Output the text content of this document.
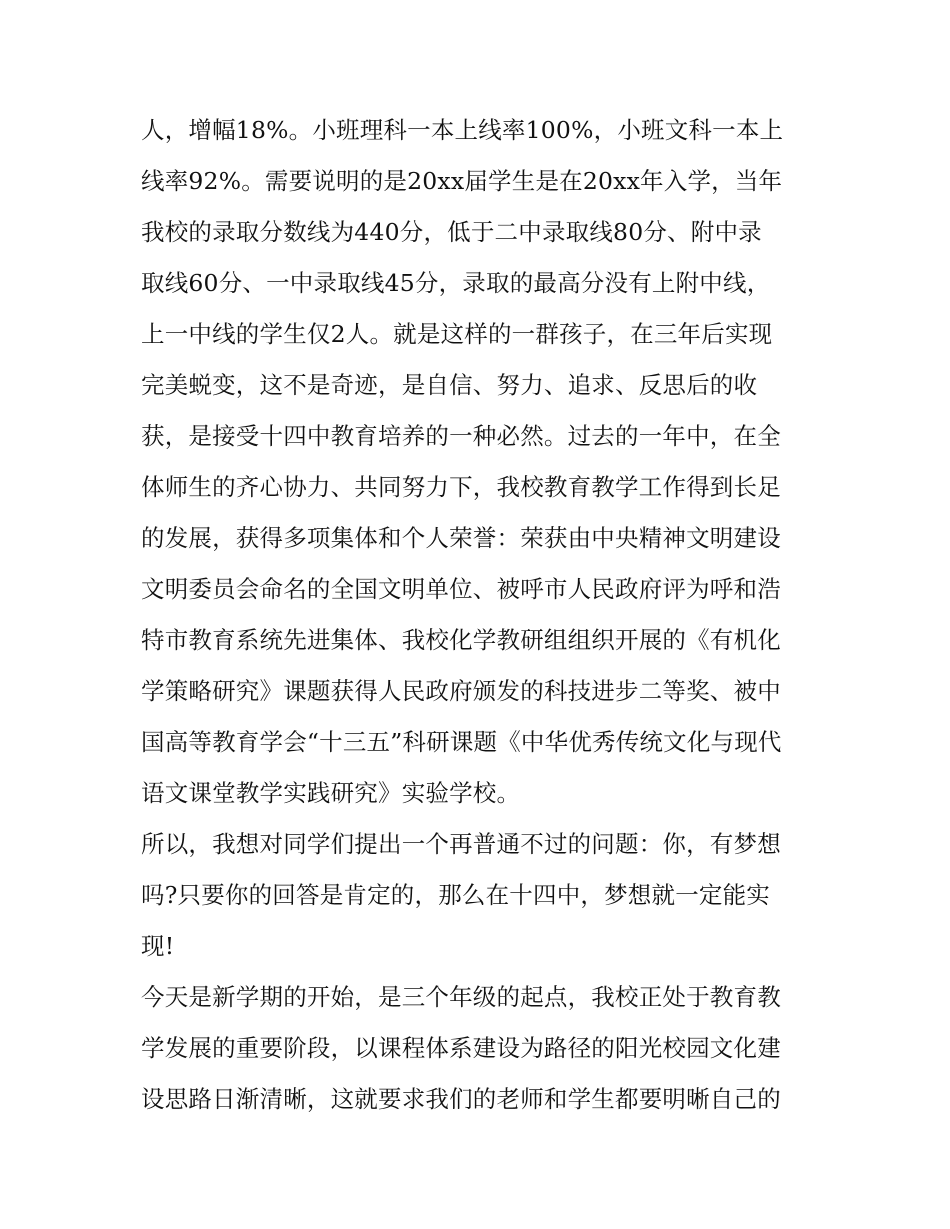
人，增幅18%。小班理科一本上线率100%，小班文科一本上
线率92%。需要说明的是20xx届学生是在20xx年入学，当年
我校的录取分数线为440分，低于二中录取线80分、附中录
取线60分、一中录取线45分，录取的最高分没有上附中线，
上一中线的学生仅2人。就是这样的一群孩子，在三年后实现
完美蜕变，这不是奇迹，是自信、努力、追求、反思后的收
获，是接受十四中教育培养的一种必然。过去的一年中，在全
体师生的齐心协力、共同努力下，我校教育教学工作得到长足
的发展，获得多项集体和个人荣誉：荣获由中央精神文明建设
文明委员会命名的全国文明单位、被呼市人民政府评为呼和浩
特市教育系统先进集体、我校化学教研组组织开展的《有机化
学策略研究》课题获得人民政府颁发的科技进步二等奖、被中
国高等教育学会“十三五”科研课题《中华优秀传统文化与现代
语文课堂教学实践研究》实验学校。
所以，我想对同学们提出一个再普通不过的问题：你，有梦想
吗?只要你的回答是肯定的，那么在十四中，梦想就一定能实
现!
今天是新学期的开始，是三个年级的起点，我校正处于教育教
学发展的重要阶段，以课程体系建设为路径的阳光校园文化建
设思路日渐清晰，这就要求我们的老师和学生都要明晰自己的
